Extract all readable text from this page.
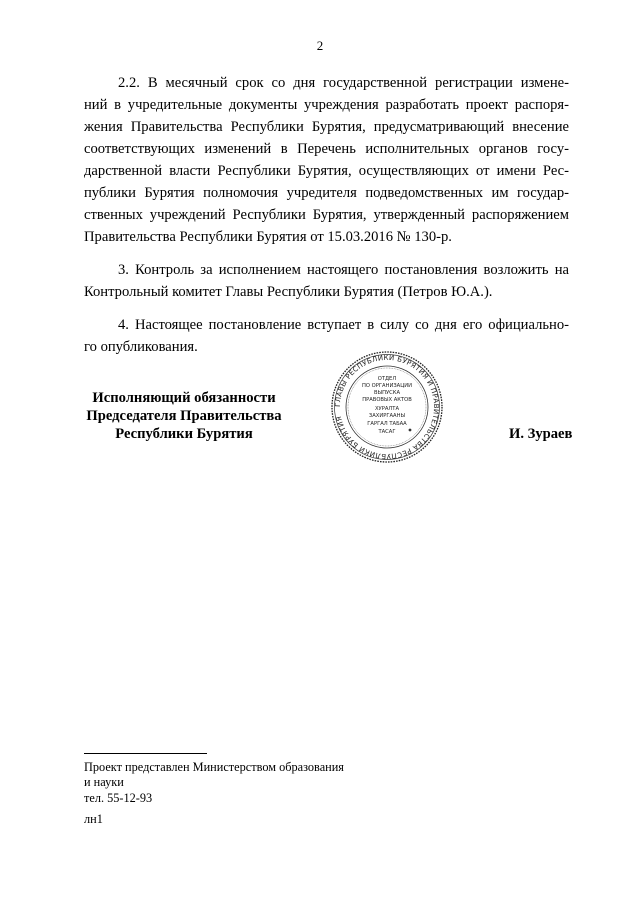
2
2.2. В месячный срок со дня государственной регистрации измене-
ний в учредительные документы учреждения разработать проект распоря-
жения Правительства Республики Бурятия, предусматривающий внесение
соответствующих изменений в Перечень исполнительных органов госу-
дарственной власти Республики Бурятия, осуществляющих от имени Рес-
публики Бурятия полномочия учредителя подведомственных им государ-
ственных учреждений Республики Бурятия, утвержденный распоряжением
Правительства Республики Бурятия от 15.03.2016 № 130-р.
3. Контроль за исполнением настоящего постановления возложить на
Контрольный комитет Главы Республики Бурятия (Петров Ю.А.).
4. Настоящее постановление вступает в силу со дня его официально-
го опубликования.
Исполняющий обязанности
Председателя Правительства
Республики Бурятия	И. Зураев
ГЛАВЫ РЕСПУБЛИКИ БУРЯТИЯ И ПРАВИТЕЛЬСТВА РЕСПУБЛИКИ БУРЯТИЯ
ОТДЕЛ
ПО ОРГАНИЗАЦИИ
ВЫПУСКА
ПРАВОВЫХ АКТОВ
ХУРАЛТА
ЗАХИРГААНЫ
ГАРГАЛ ТАБАА
ТАСАГ
Проект представлен Министерством образования
и науки
тел. 55-12-93
лн1
